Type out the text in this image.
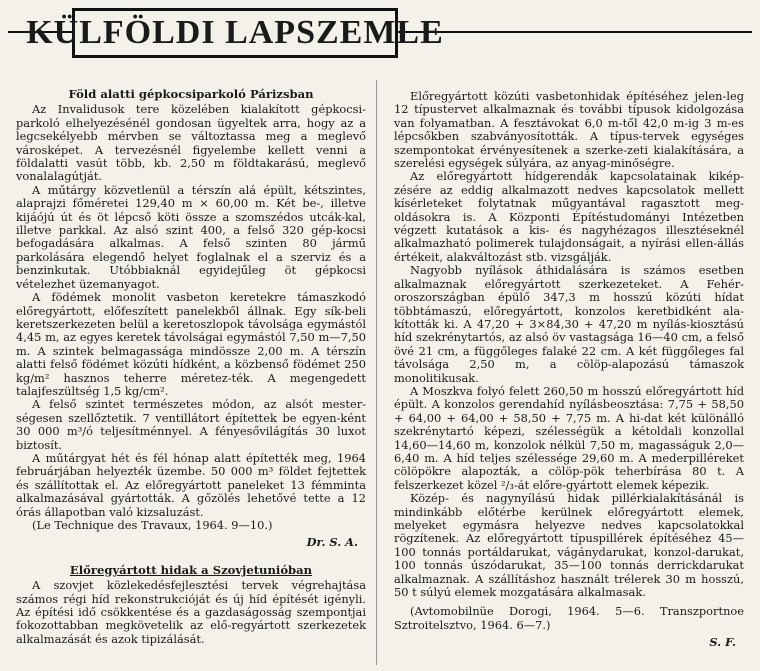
KÜLFÖLDI LAPSZEMLE

Föld alatti gépkocsiparkoló Párizsban

Az Invalidusok tere közelében kialakított gépkocsi-parkoló elhelyezésénél gondosan ügyeltek arra, hogy az a legcsekélyebb mérvben se változtassa meg a meglevő városképet. A tervezésnél figyelembe kellett venni a földalatti vasút több, kb. 2,50 m földtakarású, meglevő vonalalagútját.

A műtárgy közvetlenül a térszín alá épült, kétszintes, alaprajzi főméretei 129,40 m × 60,00 m. Két be-, illetve kijáójú út és öt lépcső köti össze a szomszédos utcák-kal, illetve parkkal. Az alsó szint 400, a felső 320 gép-kocsi befogadására alkalmas. A felső szinten 80 jármű parkolására elegendő helyet foglalnak el a szerviz és a benzinkutak. Utóbbiaknál egyidejűleg öt gépkocsi vételezhet üzemanyagot.

A födémek monolit vasbeton keretekre támaszkodó előregyártott, előfeszített panelekből állnak. Egy sík-beli keretszerkezeten belül a keretoszlopok távolsága egymástól 4,45 m, az egyes keretek távolságai egymástól 7,50 m—7,50 m. A szintek belmagassága mindössze 2,00 m. A térszín alatti felső födémet közúti hídként, a közbenső födémet 250 kg/m² hasznos teherre méretez-ték. A megengedett talajfeszültség 1,5 kg/cm².

A felső szintet természetes módon, az alsót mester-ségesen szellőztetik. 7 ventillátort építettek be egyen-ként 30 000 m³/ó teljesítménnyel. A fényesővilágítás 30 luxot biztosít.

A műtárgyat hét és fél hónap alatt építették meg, 1964 februárjában helyezték üzembe. 50 000 m³ földet fejtettek és szállítottak el. Az előregyártott paneleket 13 fémminta alkalmazásával gyártották. A gőzölés lehetővé tette a 12 órás állapotban való kizsaluzást.

(Le Technique des Travaux, 1964. 9—10.)

Dr. S. A.

Előregyártott hidak a Szovjetunióban

A szovjet közlekedésfejlesztési tervek végrehajtása számos régi híd rekonstrukcióját és új híd építését igényli. Az építési idő csökkentése és a gazdaságosság szempontjai fokozottabban megkövetelik az elő-regyártott szerkezetek alkalmazását és azok tipizálását.

Előregyártott közúti vasbetonhidak építéséhez jelen-leg 12 típustervet alkalmaznak és további típusok kidolgozása van folyamatban. A fesztávokat 6,0 m-től 42,0 m-ig 3 m-es lépcsőkben szabványosították. A típus-tervek egységes szempontokat érvényesítenek a szerke-zeti kialakítására, a szerelési egységek súlyára, az anyag-minőségre.

Az előregyártott hídgerendák kapcsolatainak kikép-zésére az eddig alkalmazott nedves kapcsolatok mellett kísérleteket folytatnak műgyantával ragasztott meg-oldásokra is. A Központi Építéstudományi Intézetben végzett kutatások a kis- és nagyhézagos illesztéseknél alkalmazható polimerek tulajdonságait, a nyírási ellen-állás értékeit, alakváltozást stb. vizsgálják.

Nagyobb nyílások áthidalására is számos esetben alkalmaznak előregyártott szerkezeteket. A Fehér-oroszországban épülő 347,3 m hosszú közúti hídat többtámaszú, előregyártott, konzolos keretbidként ala-kították ki. A 47,20 + 3×84,30 + 47,20 m nyílás-kiosztású híd szekrénytartós, az alsó öv vastagsága 16—40 cm, a felső övé 21 cm, a függőleges falaké 22 cm. A két függőleges fal távolsága 2,50 m, a cölöp-alapozású támaszok monolitikusak.

A Moszkva folyó felett 260,50 m hosszú előregyártott híd épült. A konzolos gerendahíd nyílásbeosztása: 7,75 + 58,50 + 64,00 + 64,00 + 58,50 + 7,75 m. A hi-dat két különálló szekrénytartó képezi, szélességük a kétoldali konzollal 14,60—14,60 m, konzolok nélkül 7,50 m, magasságuk 2,0—6,40 m. A híd teljes szélessége 29,60 m. A mederpilléreket cölöpökre alapozták, a cölöp-pök teherbírása 80 t. A felszerkezet közel ²/₃-át előre-gyártott elemek képezik.

Közép- és nagynyílású hidak pillérkialakításánál is mindinkább előtérbe kerülnek előregyártott elemek, melyeket egymásra helyezve nedves kapcsolatokkal rögzítenek. Az előregyártott típuspillérek építéséhez 45—100 tonnás portáldarukat, vágánydarukat, konzol-darukat, 100 tonnás úszódarukat, 35—100 tonnás derrickdarukat alkalmaznak. A szállításhoz használt trélerek 30 m hosszú, 50 t súlyú elemek mozgatására alkalmasak.

(Avtomobilnüe Dorogi, 1964. 5—6. Transzportnoe Sztroitelsztvo, 1964. 6—7.)

S. F.
